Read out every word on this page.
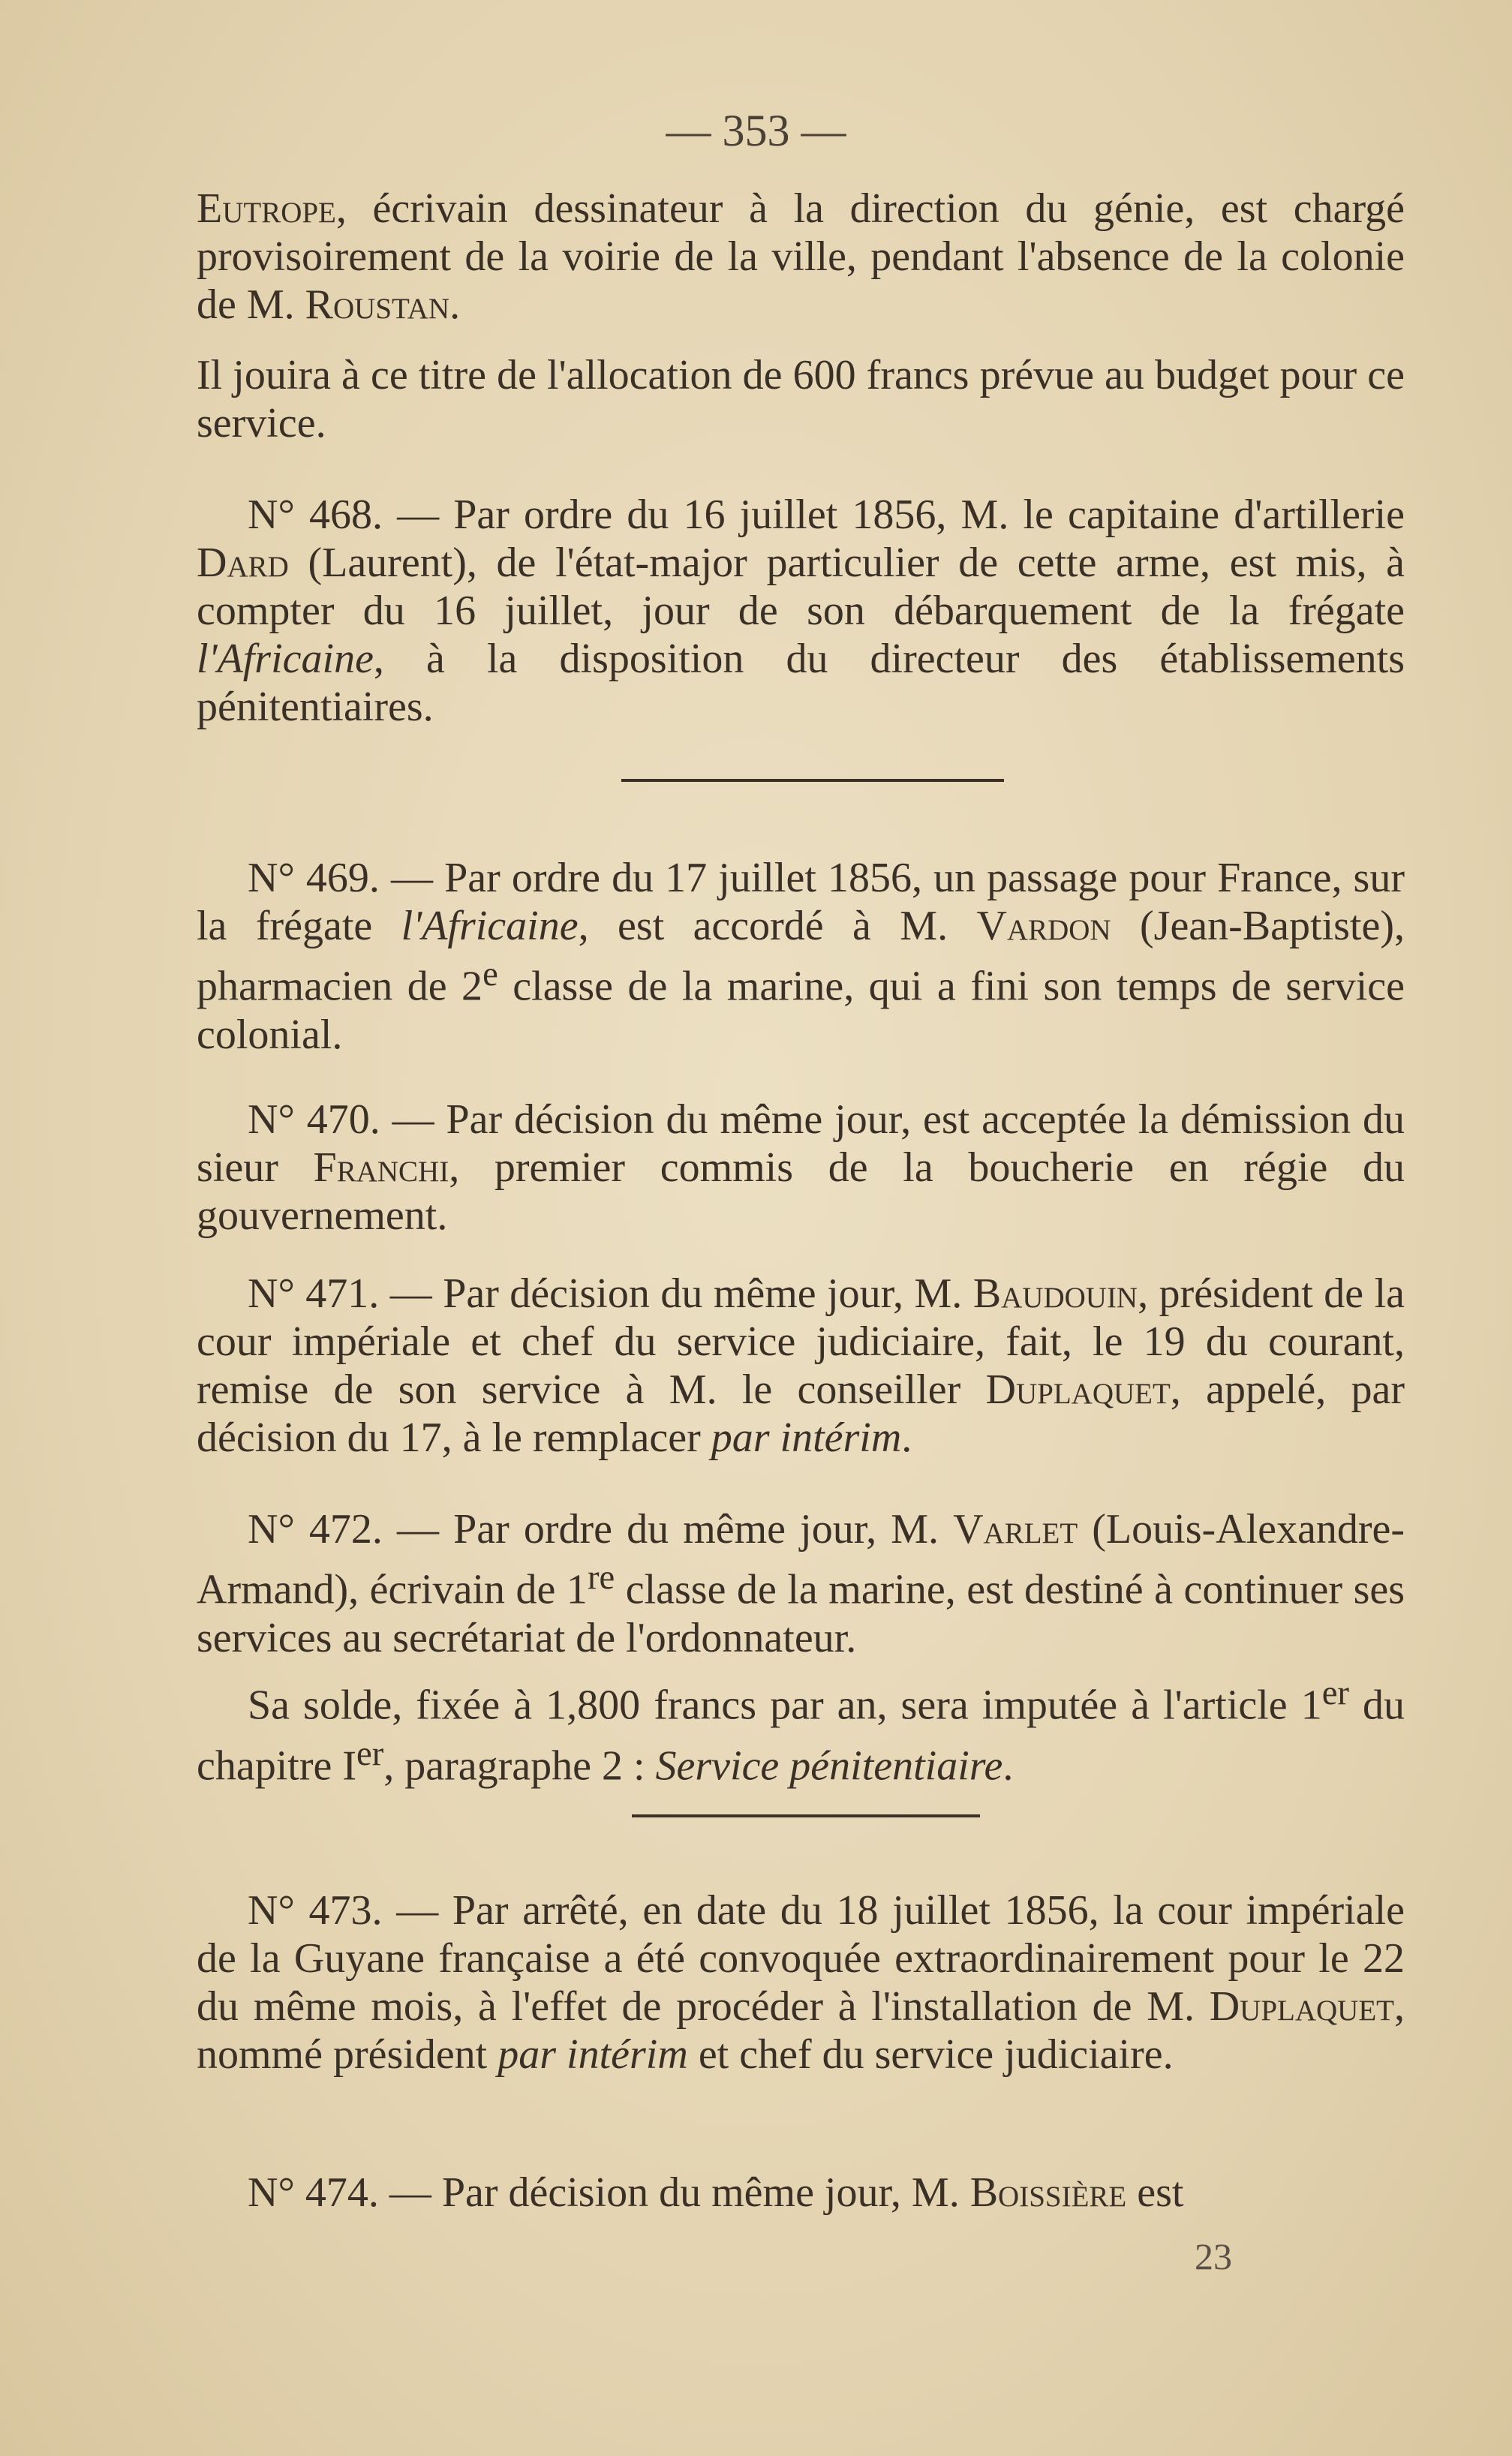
— 353 —

Eutrope, écrivain dessinateur à la direction du génie, est chargé provisoirement de la voirie de la ville, pendant l'absence de la colonie de M. Roustan.

Il jouira à ce titre de l'allocation de 600 francs prévue au budget pour ce service.

N° 468. — Par ordre du 16 juillet 1856, M. le capitaine d'artillerie Dard (Laurent), de l'état-major particulier de cette arme, est mis, à compter du 16 juillet, jour de son débarquement de la frégate l'Africaine, à la disposition du directeur des établissements pénitentiaires.

N° 469. — Par ordre du 17 juillet 1856, un passage pour France, sur la frégate l'Africaine, est accordé à M. Vardon (Jean-Baptiste), pharmacien de 2e classe de la marine, qui a fini son temps de service colonial.

N° 470. — Par décision du même jour, est acceptée la démission du sieur Franchi, premier commis de la boucherie en régie du gouvernement.

N° 471. — Par décision du même jour, M. Baudouin, président de la cour impériale et chef du service judiciaire, fait, le 19 du courant, remise de son service à M. le conseiller Duplaquet, appelé, par décision du 17, à le remplacer par intérim.

N° 472. — Par ordre du même jour, M. Varlet (Louis-Alexandre-Armand), écrivain de 1re classe de la marine, est destiné à continuer ses services au secrétariat de l'ordonnateur.

Sa solde, fixée à 1,800 francs par an, sera imputée à l'article 1er du chapitre Ier, paragraphe 2 : Service pénitentiaire.

N° 473. — Par arrêté, en date du 18 juillet 1856, la cour impériale de la Guyane française a été convoquée extraordinairement pour le 22 du même mois, à l'effet de procéder à l'installation de M. Duplaquet, nommé président par intérim et chef du service judiciaire.

N° 474. — Par décision du même jour, M. Boissière est

23
